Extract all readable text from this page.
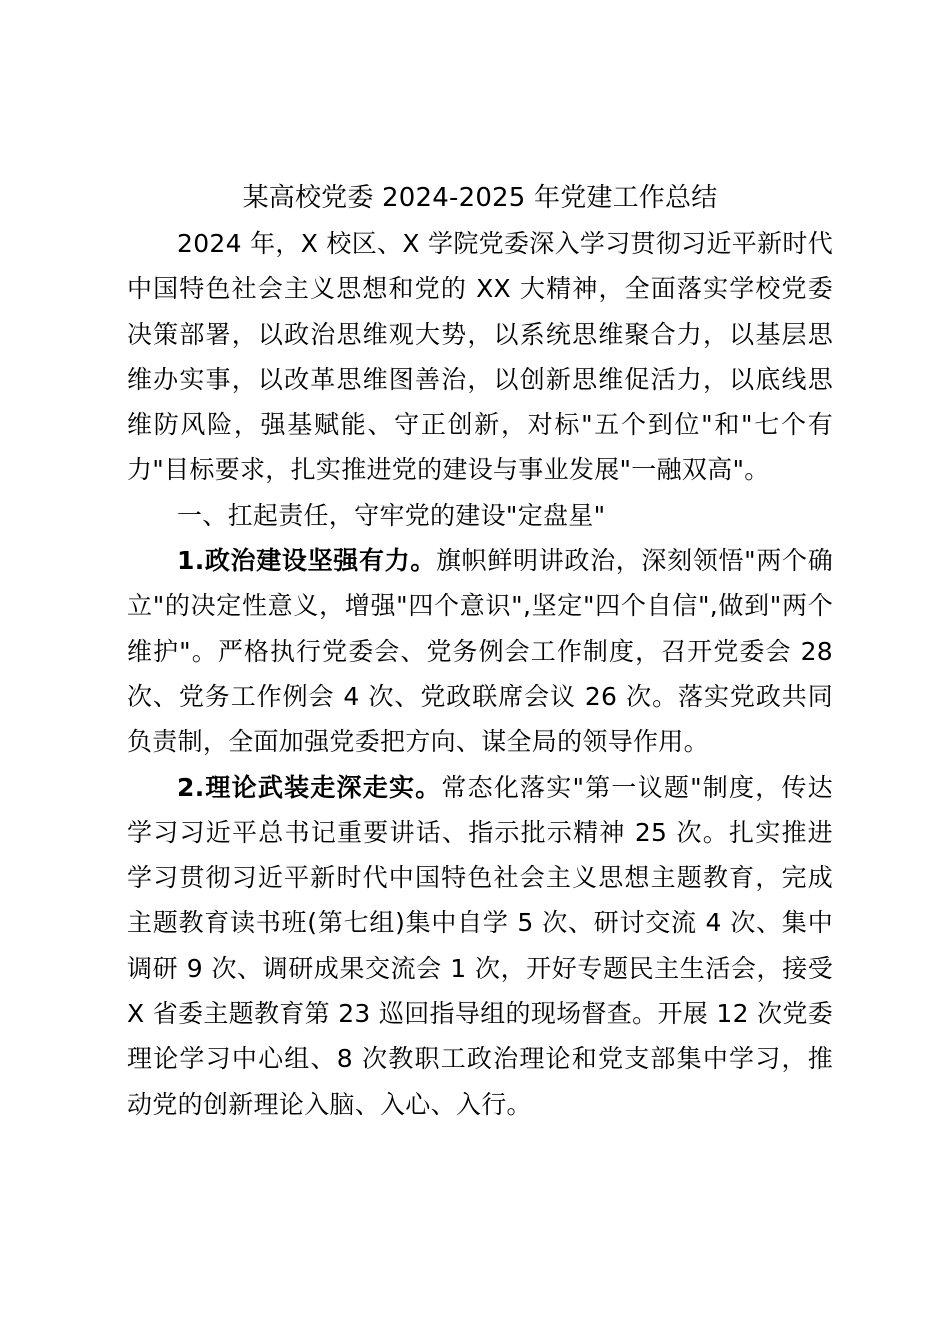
某高校党委 2024-2025 年党建工作总结

2024 年，X 校区、X 学院党委深入学习贯彻习近平新时代中国特色社会主义思想和党的 XX 大精神，全面落实学校党委决策部署，以政治思维观大势，以系统思维聚合力，以基层思维办实事，以改革思维图善治，以创新思维促活力，以底线思维防风险，强基赋能、守正创新，对标"五个到位"和"七个有力"目标要求，扎实推进党的建设与事业发展"一融双高"。

一、扛起责任，守牢党的建设"定盘星"

1.政治建设坚强有力。旗帜鲜明讲政治，深刻领悟"两个确立"的决定性意义，增强"四个意识",坚定"四个自信",做到"两个维护"。严格执行党委会、党务例会工作制度，召开党委会 28 次、党务工作例会 4 次、党政联席会议 26 次。落实党政共同负责制，全面加强党委把方向、谋全局的领导作用。

2.理论武装走深走实。常态化落实"第一议题"制度，传达学习习近平总书记重要讲话、指示批示精神 25 次。扎实推进学习贯彻习近平新时代中国特色社会主义思想主题教育，完成主题教育读书班(第七组)集中自学 5 次、研讨交流 4 次、集中调研 9 次、调研成果交流会 1 次，开好专题民主生活会，接受 X 省委主题教育第 23 巡回指导组的现场督查。开展 12 次党委理论学习中心组、8 次教职工政治理论和党支部集中学习，推动党的创新理论入脑、入心、入行。
